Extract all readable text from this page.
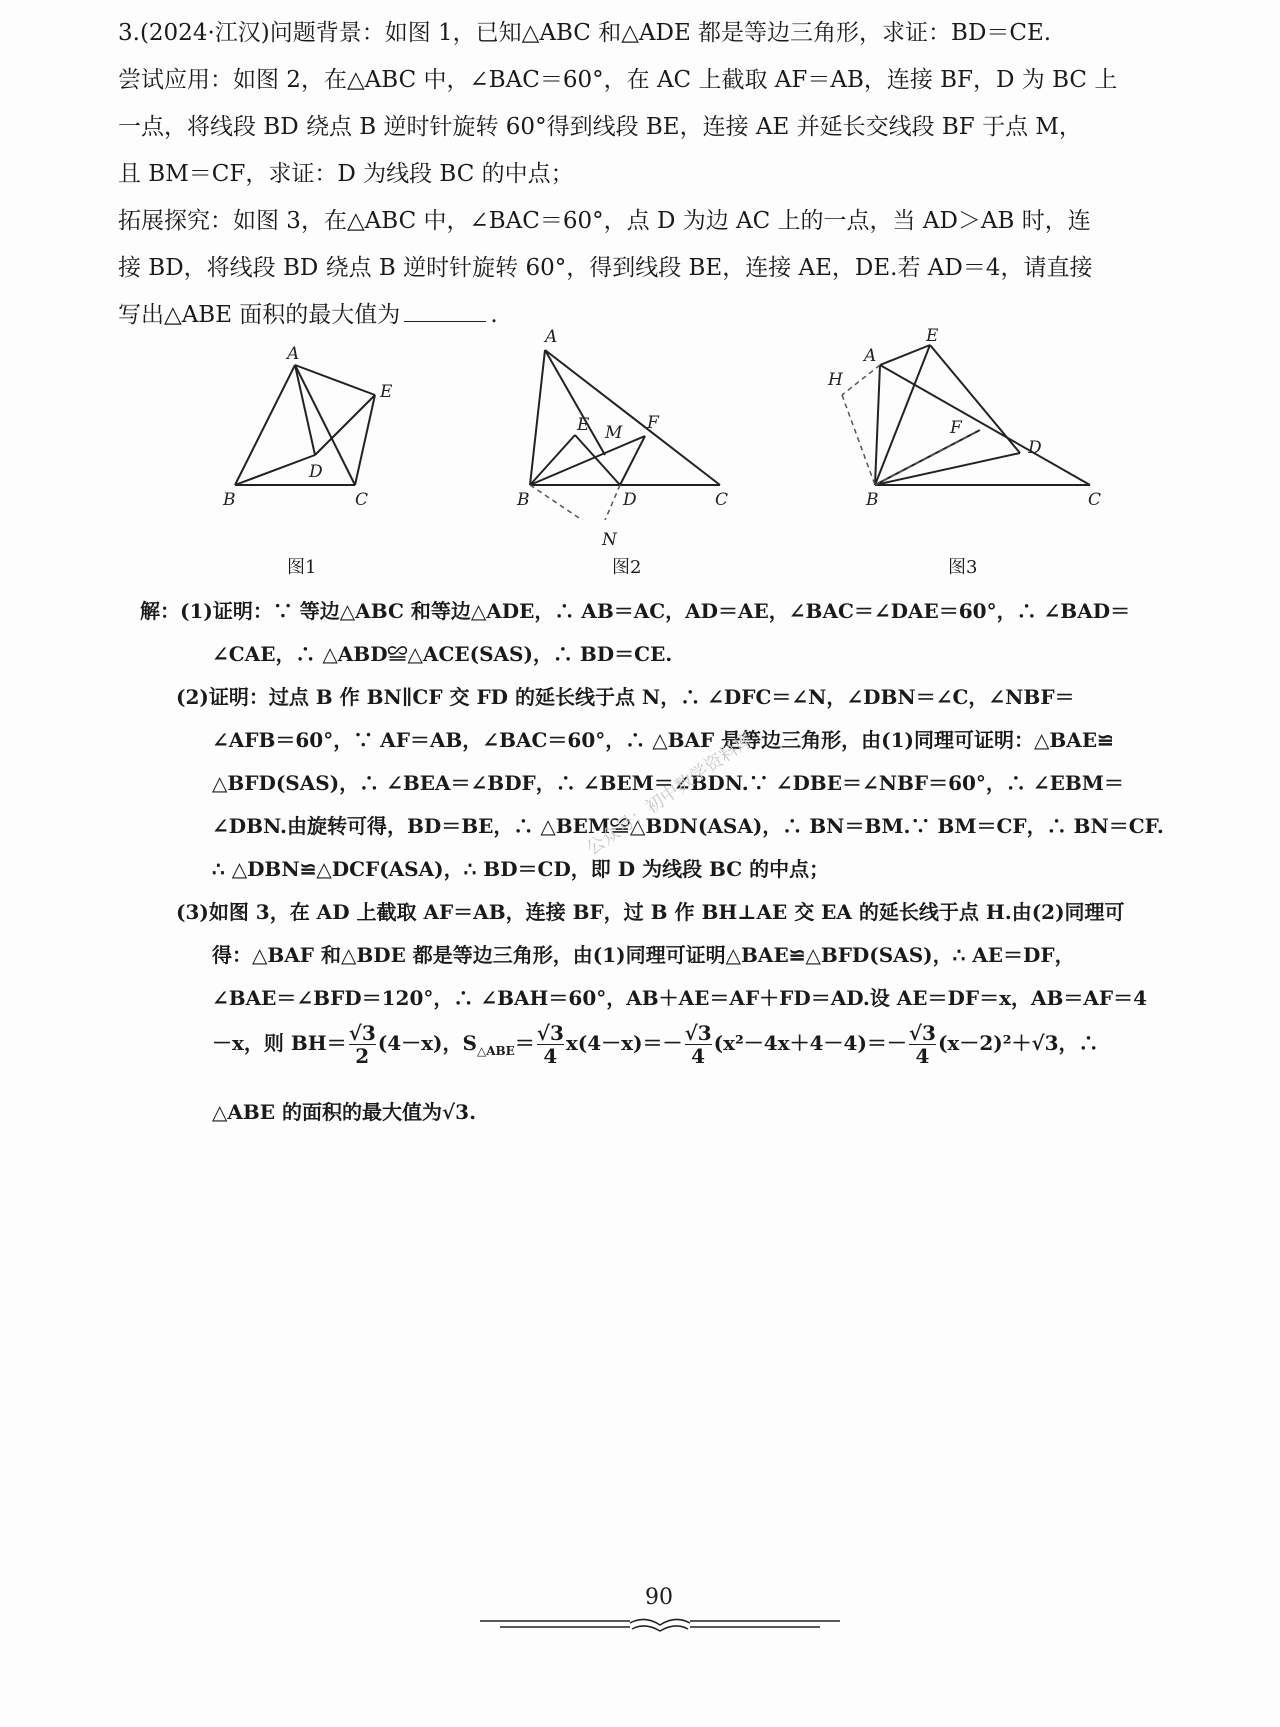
3.(2024·江汉)问题背景：如图 1，已知△ABC 和△ADE 都是等边三角形，求证：BD＝CE.

尝试应用：如图 2，在△ABC 中，∠BAC＝60°，在 AC 上截取 AF＝AB，连接 BF，D 为 BC 上

一点，将线段 BD 绕点 B 逆时针旋转 60°得到线段 BE，连接 AE 并延长交线段 BF 于点 M，

且 BM＝CF，求证：D 为线段 BC 的中点；

拓展探究：如图 3，在△ABC 中，∠BAC＝60°，点 D 为边 AC 上的一点，当 AD＞AB 时，连

接 BD，将线段 BD 绕点 B 逆时针旋转 60°，得到线段 BE，连接 AE，DE.若 AD＝4，请直接

写出△ABE 面积的最大值为	.

A
B	C
D
E
图1
A
B	C
D
E M F
N
图2
A
B	C
D
E
F
H
图3

解：(1)证明：∵ 等边△ABC 和等边△ADE，∴ AB＝AC，AD＝AE，∠BAC＝∠DAE＝60°，∴ ∠BAD＝

∠CAE，∴ △ABD≌△ACE(SAS)，∴ BD＝CE.

(2)证明：过点 B 作 BN∥CF 交 FD 的延长线于点 N，∴ ∠DFC＝∠N，∠DBN＝∠C，∠NBF＝

∠AFB＝60°，∵ AF＝AB，∠BAC＝60°，∴ △BAF 是等边三角形，由(1)同理可证明：△BAE≌

△BFD(SAS)，∴ ∠BEA＝∠BDF，∴ ∠BEM＝∠BDN.∵ ∠DBE＝∠NBF＝60°，∴ ∠EBM＝

∠DBN.由旋转可得，BD＝BE，∴ △BEM≌△BDN(ASA)，∴ BN＝BM.∵ BM＝CF，∴ BN＝CF.

∴ △DBN≌△DCF(ASA)，∴ BD＝CD，即 D 为线段 BC 的中点；

(3)如图 3，在 AD 上截取 AF＝AB，连接 BF，过 B 作 BH⊥AE 交 EA 的延长线于点 H.由(2)同理可

得：△BAF 和△BDE 都是等边三角形，由(1)同理可证明△BAE≌△BFD(SAS)，∴ AE＝DF，

∠BAE＝∠BFD＝120°，∴ ∠BAH＝60°，AB＋AE＝AF＋FD＝AD.设 AE＝DF＝x，AB＝AF＝4

－x，则 $BH= \frac{√3}{2} (4-x)$，$S_{\triangle ABE}= \frac{√3}{4} x(4-x)=- \frac{√3}{4} (x^2-4x+4-4)=- \frac{√3}{4} (x-2)^2+√3$，∴
△ABE 的面积的最大值为√3.
公众号：初中数学资料库
90
